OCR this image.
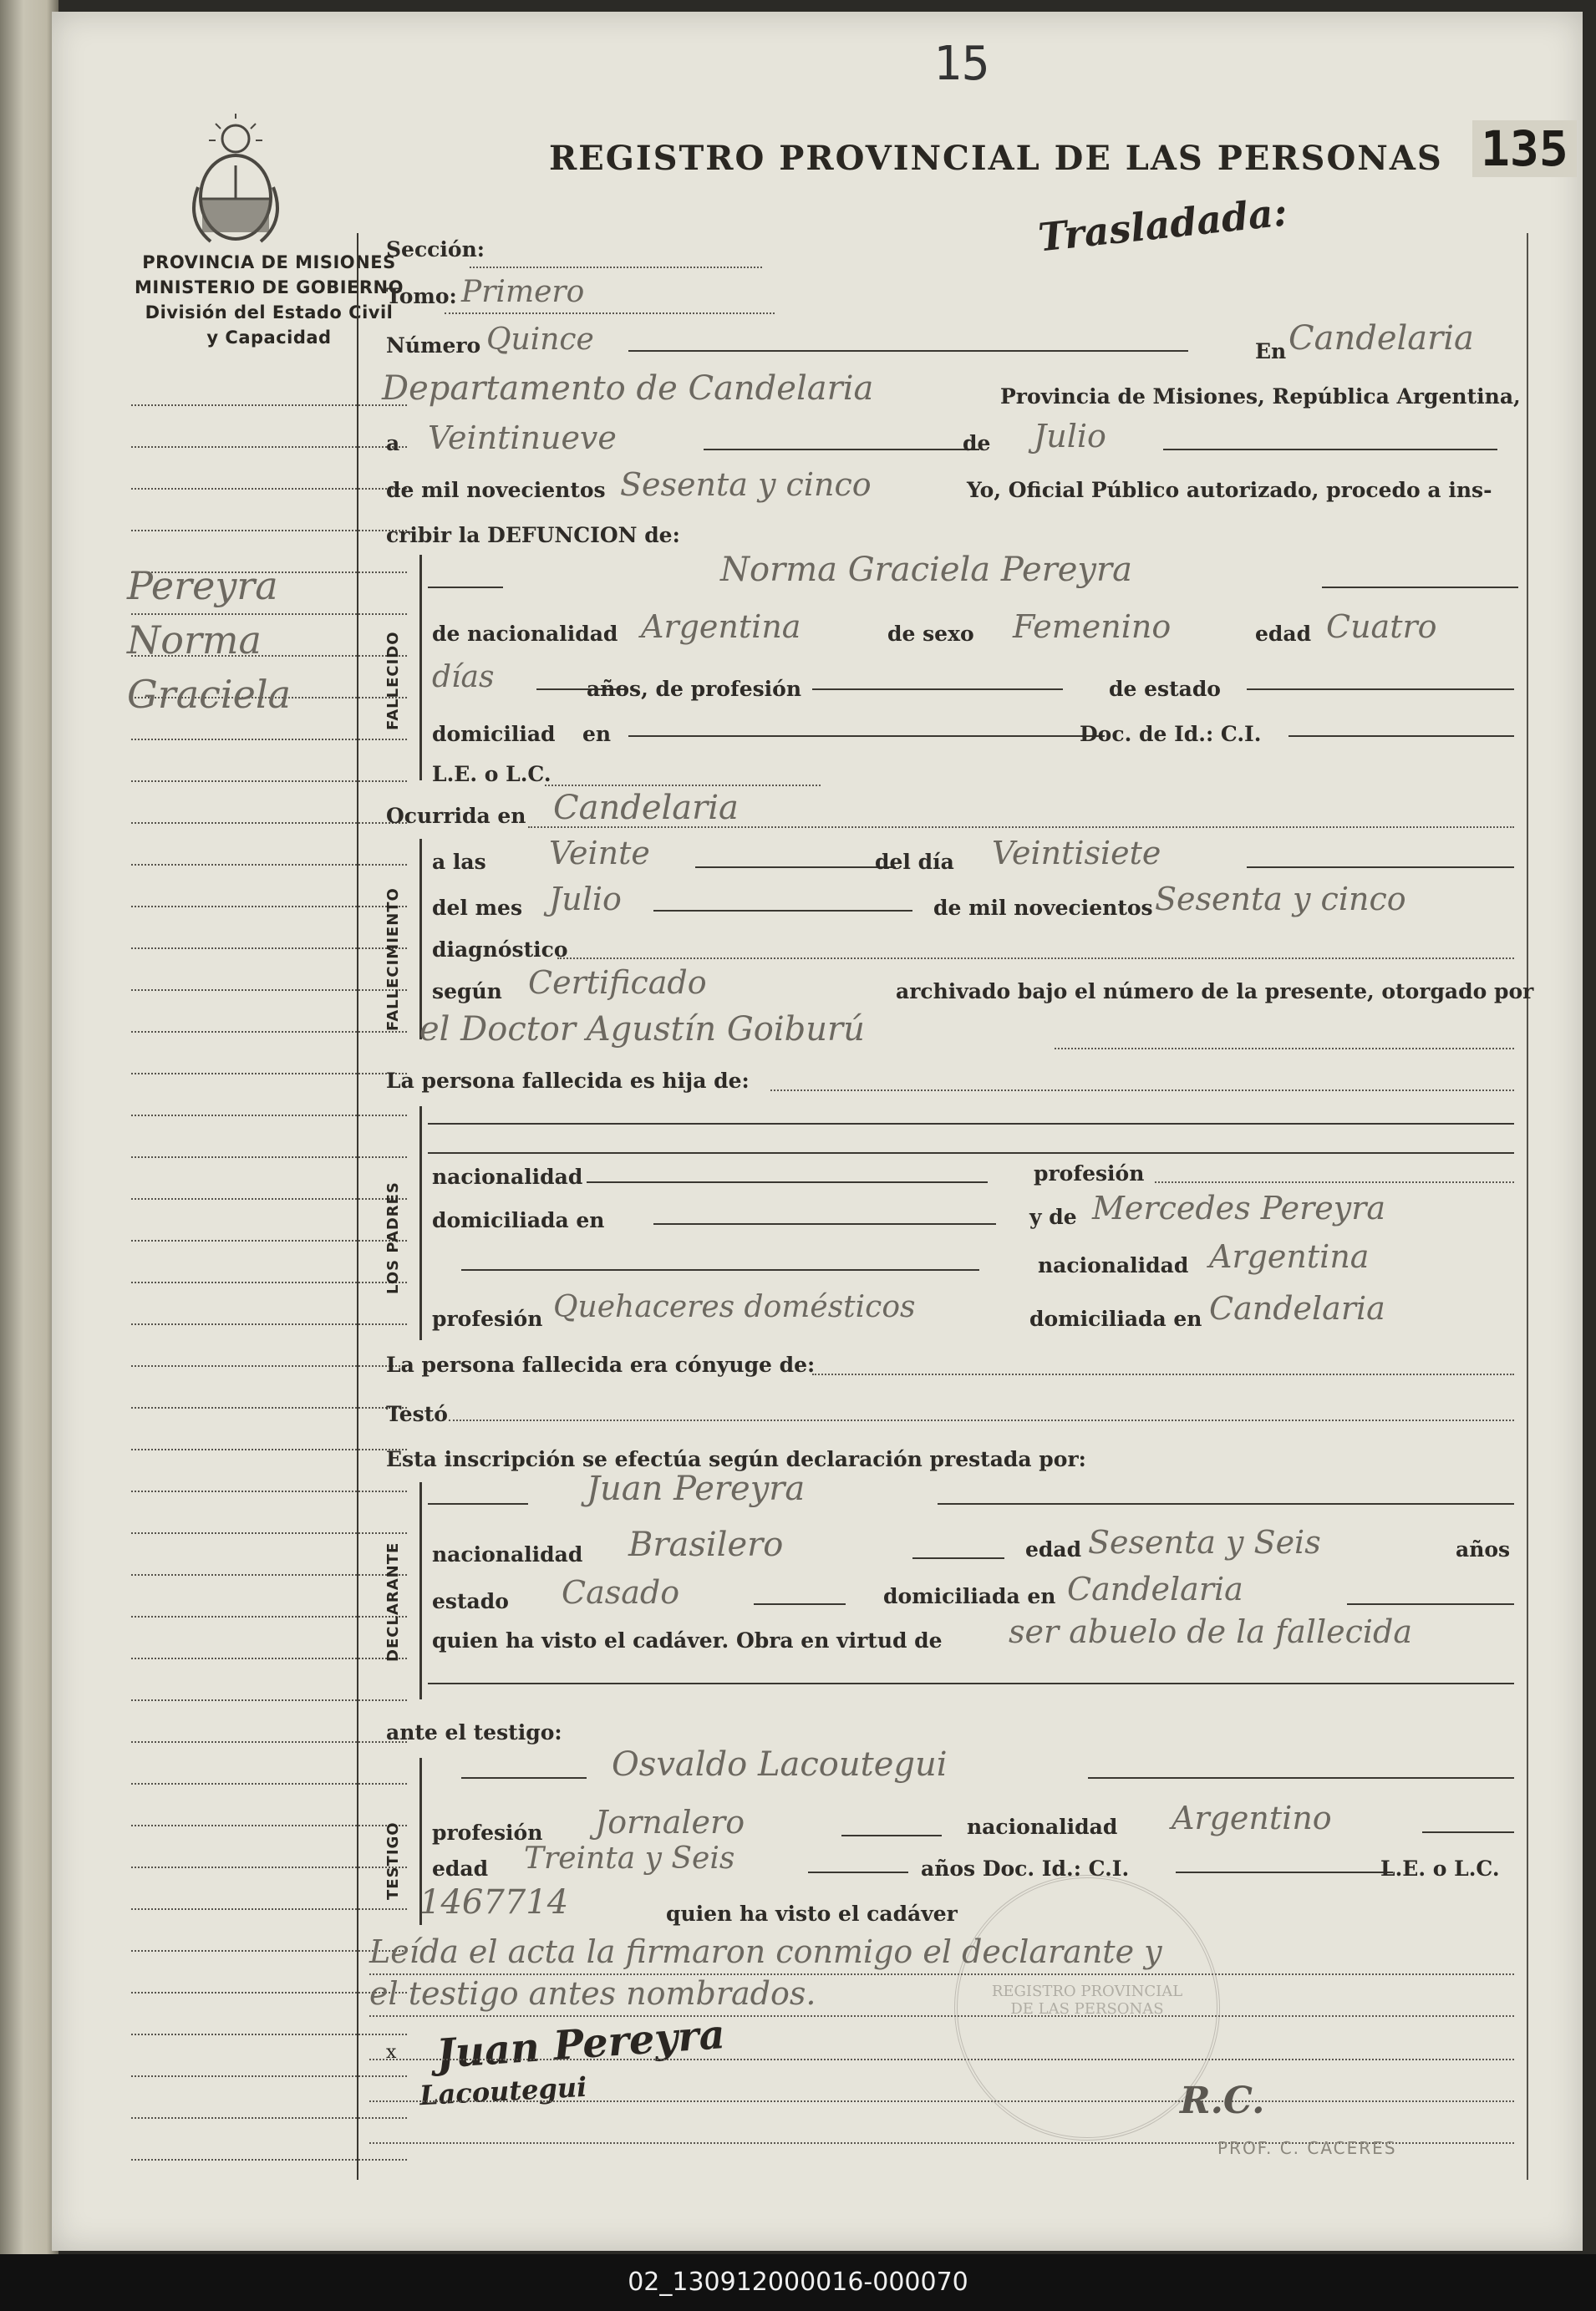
15
135
REGISTRO PROVINCIAL DE LAS PERSONAS
Trasladada:
PROVINCIA DE MISIONES
MINISTERIO DE GOBIERNO
División del Estado Civil
y Capacidad
Pereyra
Norma
Graciela
Sección:
Tomo: Primero
Número Quince	En Candelaria
Departamento de Candelaria	Provincia de Misiones, República Argentina,
a Veintinueve	de Julio
de mil novecientos Sesenta y cinco	Yo, Oficial Público autorizado, procedo a ins-
cribir la DEFUNCION de:
FALLECIDO
Norma Graciela Pereyra
de nacionalidad Argentina	de sexo Femenino	edad Cuatro
días	años, de profesión	de estado
domiciliad en	Doc. de Id.: C.I.
L.E. o L.C.
Ocurrida en Candelaria
FALLECIMIENTO
a las Veinte	del día Veintisiete
del mes Julio	de mil novecientos Sesenta y cinco
diagnóstico
según Certificado	archivado bajo el número de la presente, otorgado por
el Doctor Agustín Goiburú
La persona fallecida es hija de:
LOS PADRES
nacionalidad	profesión
domiciliada en	y de Mercedes Pereyra
nacionalidad Argentina
profesión Quehaceres domésticos	domiciliada en Candelaria
La persona fallecida era cónyuge de:
Testó
Esta inscripción se efectúa según declaración prestada por:
DECLARANTE
Juan Pereyra
nacionalidad Brasilero	edad Sesenta y Seis	años
estado Casado	domiciliada en Candelaria
quien ha visto el cadáver. Obra en virtud de ser abuelo de la fallecida
ante el testigo:
TESTIGO
Osvaldo Lacoutegui
profesión Jornalero	nacionalidad Argentino
edad Treinta y Seis	años Doc. Id.: C.I.	L.E. o L.C.
1467714	quien ha visto el cadáver
Leída el acta la firmaron conmigo el declarante y
el testigo antes nombrados.
x Juan Pereyra
Lacoutegui	R.C.
REGISTRO PROVINCIAL DE LAS PERSONAS
PROF. C. CACERES
02_130912000016-000070
